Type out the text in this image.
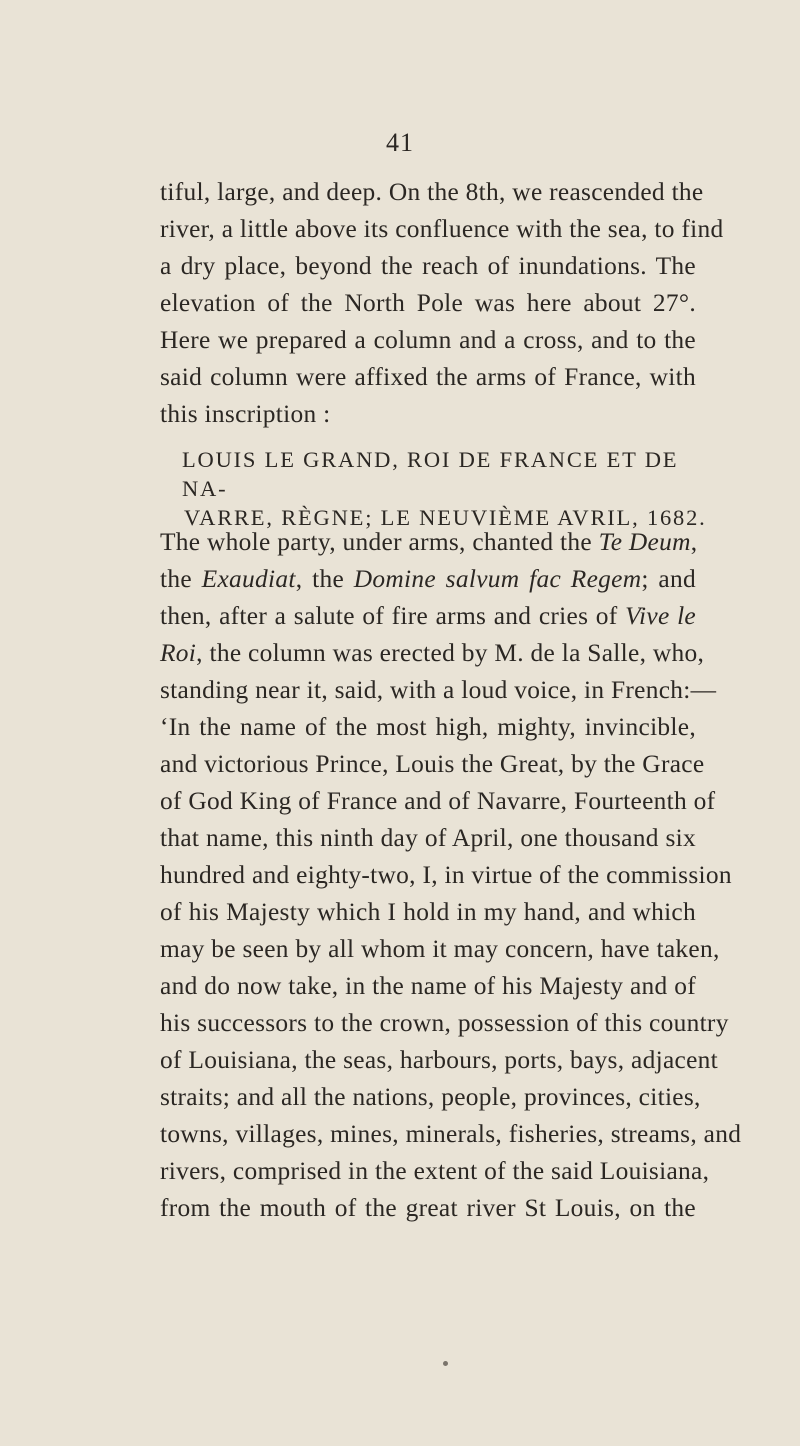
41
tiful, large, and deep. On the 8th, we reascended the
river, a little above its confluence with the sea, to find
a dry place, beyond the reach of inundations. The
elevation of the North Pole was here about 27°.
Here we prepared a column and a cross, and to the
said column were affixed the arms of France, with
this inscription :
LOUIS LE GRAND, ROI DE FRANCE ET DE NA-
VARRE, RÈGNE; LE NEUVIÈME AVRIL, 1682.
The whole party, under arms, chanted the Te Deum,
the Exaudiat, the Domine salvum fac Regem; and
then, after a salute of fire arms and cries of Vive le
Roi, the column was erected by M. de la Salle, who,
standing near it, said, with a loud voice, in French:—
‘In the name of the most high, mighty, invincible,
and victorious Prince, Louis the Great, by the Grace
of God King of France and of Navarre, Fourteenth of
that name, this ninth day of April, one thousand six
hundred and eighty-two, I, in virtue of the commission
of his Majesty which I hold in my hand, and which
may be seen by all whom it may concern, have taken,
and do now take, in the name of his Majesty and of
his successors to the crown, possession of this country
of Louisiana, the seas, harbours, ports, bays, adjacent
straits; and all the nations, people, provinces, cities,
towns, villages, mines, minerals, fisheries, streams, and
rivers, comprised in the extent of the said Louisiana,
from the mouth of the great river St Louis, on the
